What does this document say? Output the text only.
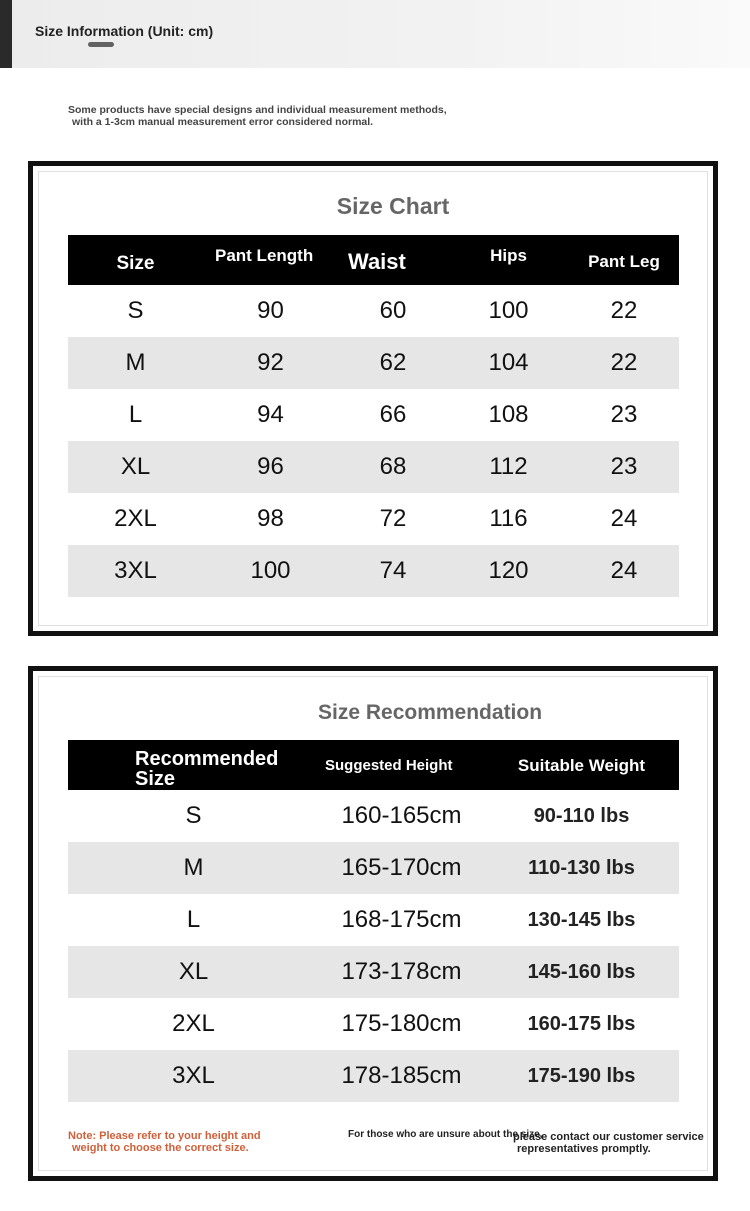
Size Information (Unit: cm)
Some products have special designs and individual measurement methods,
with a 1-3cm manual measurement error considered normal.
Size Chart
Size	Pant Length	Waist	Hips	Pant Leg
S	90	60	100	22
M	92	62	104	22
L	94	66	108	23
XL	96	68	112	23
2XL	98	72	116	24
3XL	100	74	120	24
Size Recommendation
Recommended Size	Suggested Height	Suitable Weight
S	160-165cm	90-110 lbs
M	165-170cm	110-130 lbs
L	168-175cm	130-145 lbs
XL	173-178cm	145-160 lbs
2XL	175-180cm	160-175 lbs
3XL	178-185cm	175-190 lbs
Note: Please refer to your height and
weight to choose the correct size.
For those who are unsure about the size,
please contact our customer service
representatives promptly.
